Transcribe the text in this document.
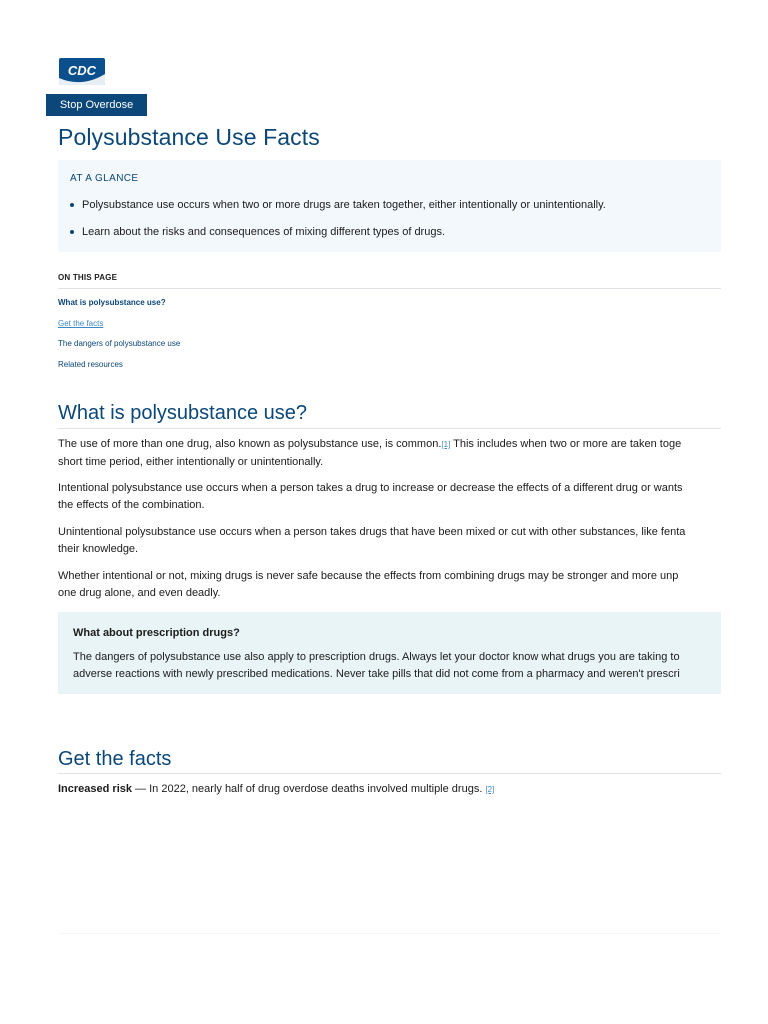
CDC
Stop Overdose
Polysubstance Use Facts
AT A GLANCE
Polysubstance use occurs when two or more drugs are taken together, either intentionally or unintentionally.
Learn about the risks and consequences of mixing different types of drugs.
ON THIS PAGE
What is polysubstance use?
Get the facts
The dangers of polysubstance use
Related resources
What is polysubstance use?

The use of more than one drug, also known as polysubstance use, is common.[1] This includes when two or more are taken toge
short time period, either intentionally or unintentionally.

Intentional polysubstance use occurs when a person takes a drug to increase or decrease the effects of a different drug or wants
the effects of the combination.

Unintentional polysubstance use occurs when a person takes drugs that have been mixed or cut with other substances, like fenta
their knowledge.

Whether intentional or not, mixing drugs is never safe because the effects from combining drugs may be stronger and more unp
one drug alone, and even deadly.

What about prescription drugs?
The dangers of polysubstance use also apply to prescription drugs. Always let your doctor know what drugs you are taking to
adverse reactions with newly prescribed medications. Never take pills that did not come from a pharmacy and weren't prescri
Get the facts
Increased risk — In 2022, nearly half of drug overdose deaths involved multiple drugs. [2]
